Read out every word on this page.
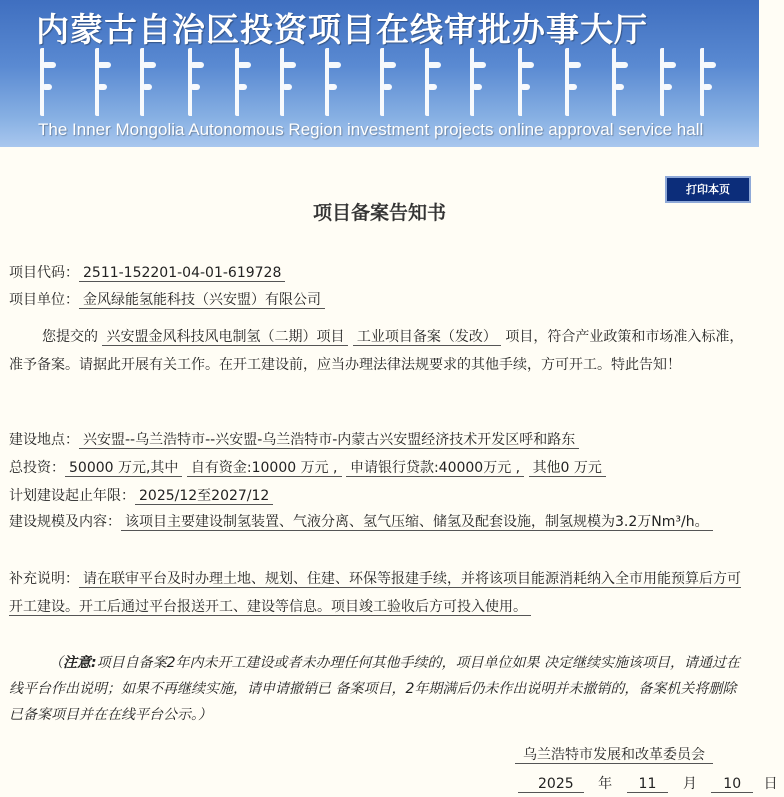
内蒙古自治区投资项目在线审批办事大厅
The Inner Mongolia Autonomous Region investment projects online approval service hall
打印本页
项目备案告知书
项目代码： 2511-152201-04-01-619728
项目单位： 金风绿能氢能科技（兴安盟）有限公司
您提交的 兴安盟金风科技风电制氢（二期）项目 工业项目备案（发改） 项目，符合产业政策和市场准入标准，准予备案。请据此开展有关工作。在开工建设前，应当办理法律法规要求的其他手续，方可开工。特此告知！
建设地点： 兴安盟--乌兰浩特市--兴安盟-乌兰浩特市-内蒙古兴安盟经济技术开发区呼和路东
总投资： 50000 万元,其中 自有资金:10000 万元 , 申请银行贷款:40000万元 , 其他0 万元
计划建设起止年限： 2025/12至2027/12
建设规模及内容： 该项目主要建设制氢装置、气液分离、氢气压缩、储氢及配套设施，制氢规模为3.2万Nm³/h。
补充说明： 请在联审平台及时办理土地、规划、住建、环保等报建手续，并将该项目能源消耗纳入全市用能预算后方可开工建设。开工后通过平台报送开工、建设等信息。项目竣工验收后方可投入使用。
（注意:项目自备案2年内未开工建设或者未办理任何其他手续的，项目单位如果 决定继续实施该项目，请通过在线平台作出说明；如果不再继续实施，请申请撤销已 备案项目，2年期满后仍未作出说明并未撤销的，备案机关将删除已备案项目并在在线平台公示。）
乌兰浩特市发展和改革委员会
2025 年 11 月 10 日
